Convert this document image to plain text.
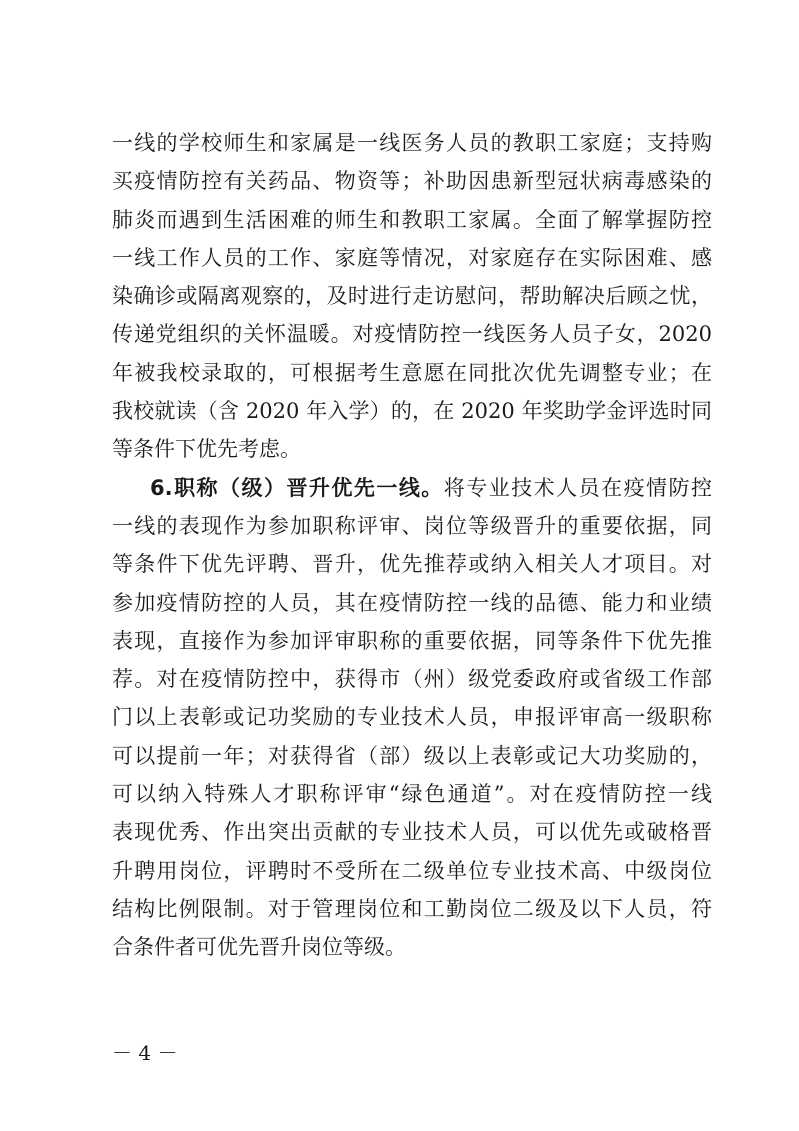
一线的学校师生和家属是一线医务人员的教职工家庭；支持购
买疫情防控有关药品、物资等；补助因患新型冠状病毒感染的
肺炎而遇到生活困难的师生和教职工家属。全面了解掌握防控
一线工作人员的工作、家庭等情况，对家庭存在实际困难、感
染确诊或隔离观察的，及时进行走访慰问，帮助解决后顾之忧，
传递党组织的关怀温暖。对疫情防控一线医务人员子女，2020
年被我校录取的，可根据考生意愿在同批次优先调整专业；在
我校就读（含 2020 年入学）的，在 2020 年奖助学金评选时同
等条件下优先考虑。
6.职称（级）晋升优先一线。将专业技术人员在疫情防控
一线的表现作为参加职称评审、岗位等级晋升的重要依据，同
等条件下优先评聘、晋升，优先推荐或纳入相关人才项目。对
参加疫情防控的人员，其在疫情防控一线的品德、能力和业绩
表现，直接作为参加评审职称的重要依据，同等条件下优先推
荐。对在疫情防控中，获得市（州）级党委政府或省级工作部
门以上表彰或记功奖励的专业技术人员，申报评审高一级职称
可以提前一年；对获得省（部）级以上表彰或记大功奖励的，
可以纳入特殊人才职称评审“绿色通道”。对在疫情防控一线
表现优秀、作出突出贡献的专业技术人员，可以优先或破格晋
升聘用岗位，评聘时不受所在二级单位专业技术高、中级岗位
结构比例限制。对于管理岗位和工勤岗位二级及以下人员，符
合条件者可优先晋升岗位等级。
－ 4 －
